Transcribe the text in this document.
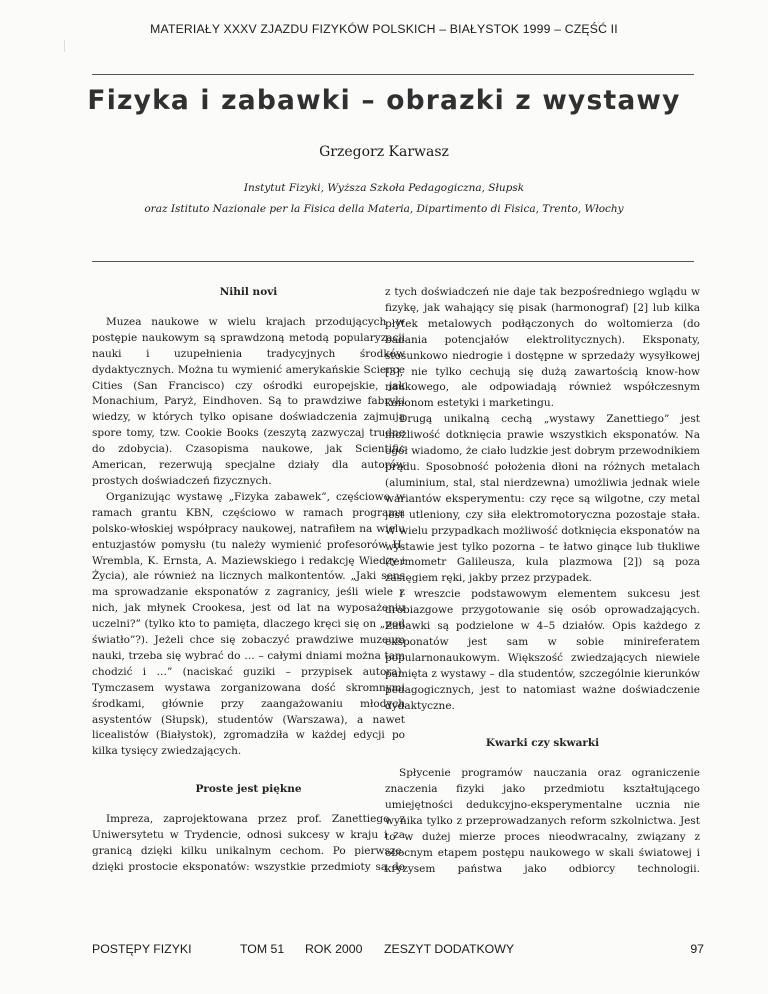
MATERIAŁY XXXV ZJAZDU FIZYKÓW POLSKICH – BIAŁYSTOK 1999 – CZĘŚĆ II
Fizyka i zabawki – obrazki z wystawy
Grzegorz Karwasz
Instytut Fizyki, Wyższa Szkoła Pedagogiczna, Słupsk
oraz Istituto Nazionale per la Fisica della Materia, Dipartimento di Fisica, Trento, Włochy
Nihil novi

Muzea naukowe w wielu krajach przodujących w postępie naukowym są sprawdzoną metodą popularyzacji nauki i uzupełnienia tradycyjnych środków dydaktycznych. Można tu wymienić amerykańskie Science Cities (San Francisco) czy ośrodki europejskie, jak Monachium, Paryż, Eindhoven. Są to prawdziwe fabryki wiedzy, w których tylko opisane doświadczenia zajmują spore tomy, tzw. Cookie Books (zeszytą zazwyczaj trudne do zdobycia). Czasopisma naukowe, jak Scientific American, rezerwują specjalne działy dla autorów prostych doświadczeń fizycznych.

Organizując wystawę „Fizyka zabawek”, częściowo w ramach grantu KBN, częściowo w ramach programu polsko-włoskiej współpracy naukowej, natrafiłem na wielu entuzjastów pomysłu (tu należy wymienić profesorów H. Wrembla, K. Ernsta, A. Maziewskiego i redakcję Wiedzy i Życia), ale również na licznych malkontentów. „Jaki sens ma sprowadzanie eksponatów z zagranicy, jeśli wiele z nich, jak młynek Crookesa, jest od lat na wyposażeniu uczelni?” (tylko kto to pamięta, dlaczego kręci się on „pod światło”?). Jeżeli chce się zobaczyć prawdziwe muzeum nauki, trzeba się wybrać do … – całymi dniami można tam chodzić i …” (naciskać guziki – przypisek autora). Tymczasem wystawa zorganizowana dość skromnymi środkami, głównie przy zaangażowaniu młodych asystentów (Słupsk), studentów (Warszawa), a nawet licealistów (Białystok), zgromadziła w każdej edycji po kilka tysięcy zwiedzających.

Proste jest piękne

Impreza, zaprojektowana przez prof. Zanettiego z Uniwersytetu w Trydencie, odnosi sukcesy w kraju i za granicą dzięki kilku unikalnym cechom. Po pierwsze, dzięki prostocie eksponatów: wszystkie przedmioty są do

z tych doświadczeń nie daje tak bezpośredniego wglądu w fizykę, jak wahający się pisak (harmonograf) [2] lub kilka płytek metalowych podłączonych do woltomierza (do badania potencjałów elektrolitycznych). Eksponaty, stosunkowo niedrogie i dostępne w sprzedaży wysyłkowej [3], nie tylko cechują się dużą zawartością know-how naukowego, ale odpowiadają również współczesnym kanonom estetyki i marketingu.

Drugą unikalną cechą „wystawy Zanettiego” jest możliwość dotknięcia prawie wszystkich eksponatów. Na ogół wiadomo, że ciało ludzkie jest dobrym przewodnikiem prądu. Sposobność położenia dłoni na różnych metalach (aluminium, stal, stal nierdzewna) umożliwia jednak wiele wariantów eksperymentu: czy ręce są wilgotne, czy metal jest utleniony, czy siła elektromotoryczna pozostaje stała. W wielu przypadkach możliwość dotknięcia eksponatów na wystawie jest tylko pozorna – te łatwo ginące lub tłukliwe (termometr Galileusza, kula plazmowa [2]) są poza zasięgiem ręki, jakby przez przypadek.

I wreszcie podstawowym elementem sukcesu jest drobiazgowe przygotowanie się osób oprowadzających. Zabawki są podzielone w 4–5 działów. Opis każdego z eksponatów jest sam w sobie minireferatem popularnonaukowym. Większość zwiedzających niewiele pamięta z wystawy – dla studentów, szczególnie kierunków pedagogicznych, jest to natomiast ważne doświadczenie dydaktyczne.

Kwarki czy skwarki

Spłycenie programów nauczania oraz ograniczenie znaczenia fizyki jako przedmiotu kształtującego umiejętności dedukcyjno-eksperymentalne ucznia nie wynika tylko z przeprowadzanych reform szkolnictwa. Jest to w dużej mierze proces nieodwracalny, związany z obecnym etapem postępu naukowego w skali światowej i kryzysem państwa jako odbiorcy technologii.

POSTĘPY FIZYKI	TOM 51 ROK 2000 ZESZYT DODATKOWY	97
